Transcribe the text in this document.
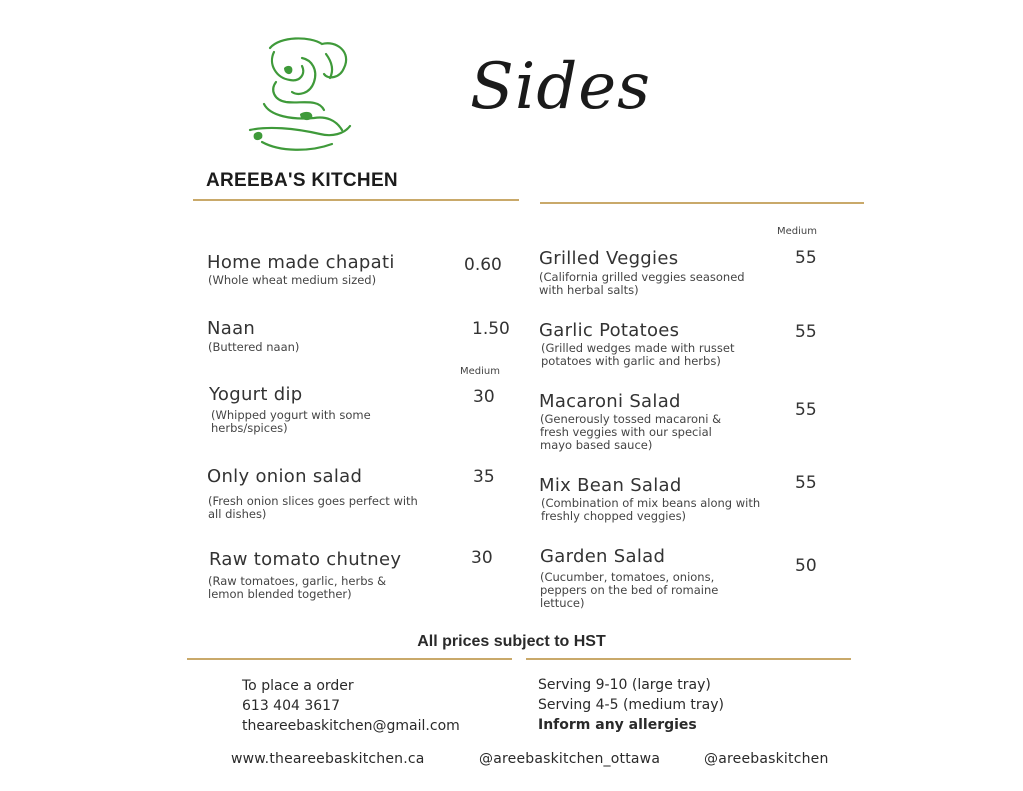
AREEBA'S KITCHEN
Sides
Home made chapati
(Whole wheat medium sized)
0.60
Naan
(Buttered naan)
1.50
Medium
Yogurt dip
(Whipped yogurt with some herbs/spices)
30
Only onion salad
(Fresh onion slices goes perfect with all dishes)
35
Raw tomato chutney
(Raw tomatoes, garlic, herbs & lemon blended together)
30
Medium
Grilled Veggies
(California grilled veggies seasoned with herbal salts)
55
Garlic Potatoes
(Grilled wedges made with russet potatoes with garlic and herbs)
55
Macaroni Salad
(Generously tossed macaroni & fresh veggies with our special mayo based sauce)
55
Mix Bean Salad
(Combination of mix beans along with freshly chopped veggies)
55
Garden Salad
(Cucumber, tomatoes, onions, peppers on the bed of romaine lettuce)
50
All prices subject to HST
To place a order
613 404 3617
theareebaskitchen@gmail.com
Serving 9-10 (large tray)
Serving 4-5 (medium tray)
Inform any allergies
www.theareebaskitchen.ca	@areebaskitchen_ottawa	@areebaskitchen
